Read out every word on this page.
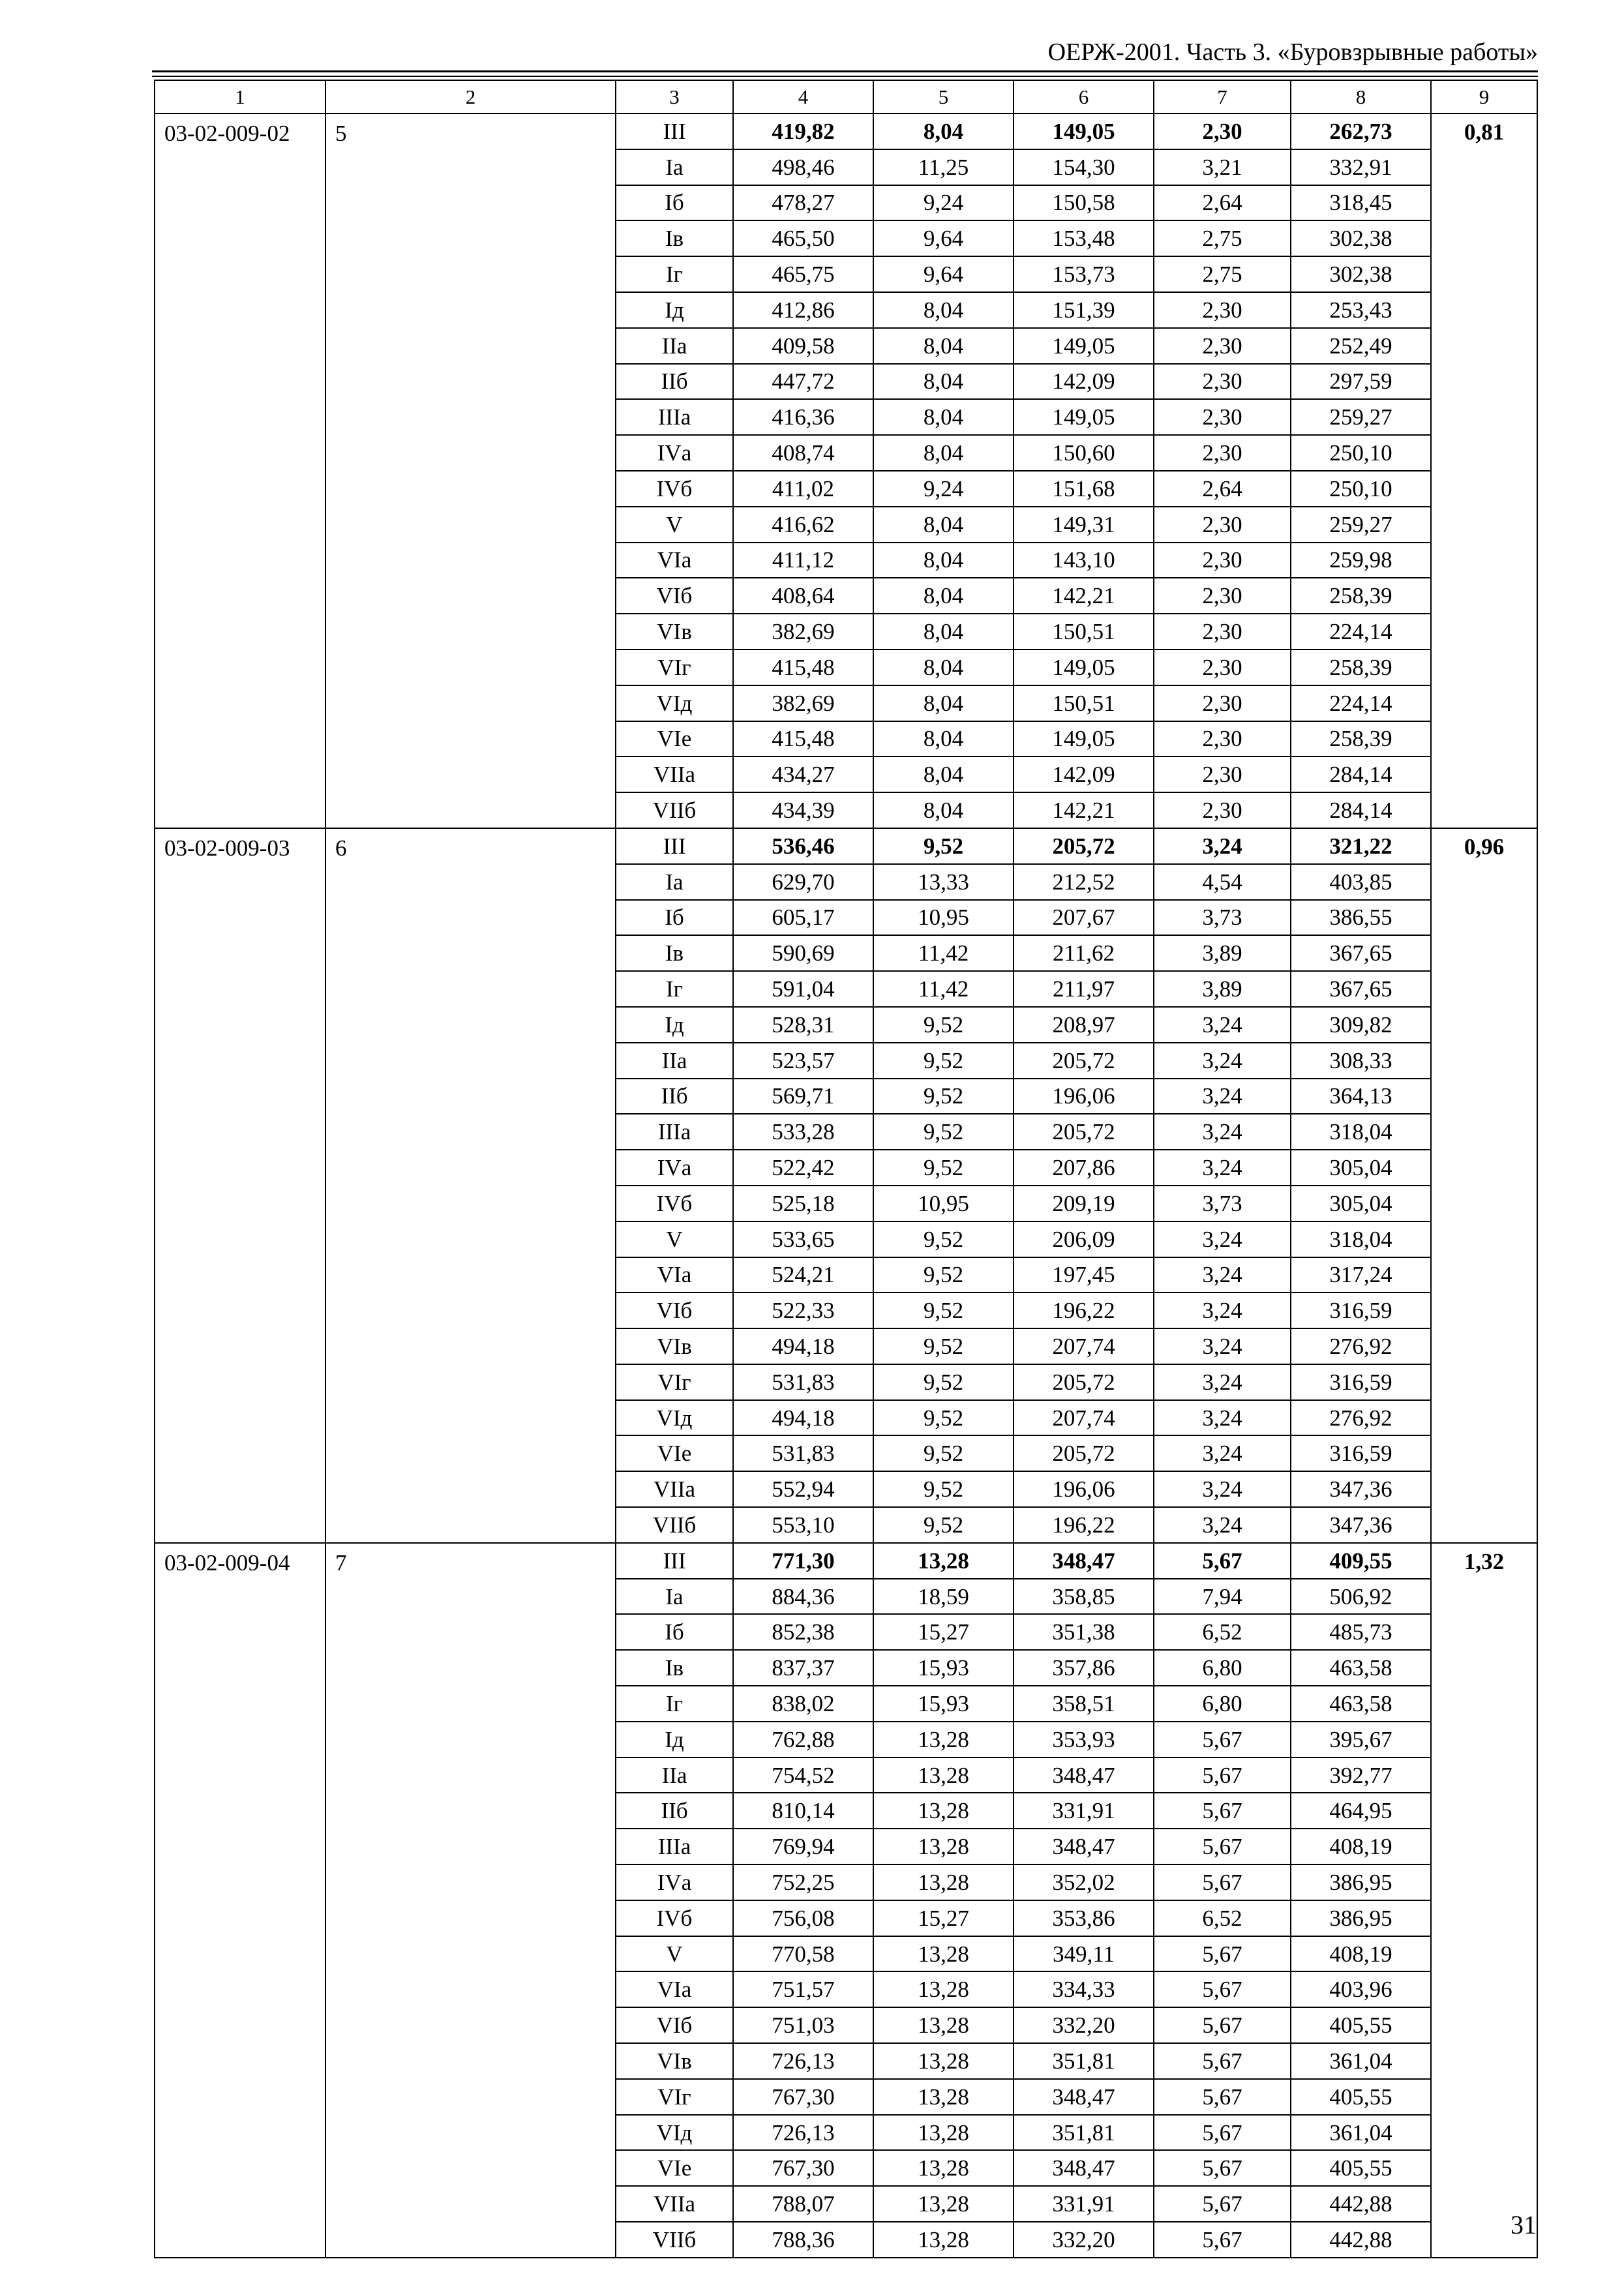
ОЕРЖ-2001. Часть 3. «Буровзрывные работы»
1	2	3	4	5	6	7	8	9
03-02-009-02	5	III	419,82	8,04	149,05	2,30	262,73	0,81
		Iа	498,46	11,25	154,30	3,21	332,91	
		Iб	478,27	9,24	150,58	2,64	318,45	
		Iв	465,50	9,64	153,48	2,75	302,38	
		Iг	465,75	9,64	153,73	2,75	302,38	
		Iд	412,86	8,04	151,39	2,30	253,43	
		IIа	409,58	8,04	149,05	2,30	252,49	
		IIб	447,72	8,04	142,09	2,30	297,59	
		IIIа	416,36	8,04	149,05	2,30	259,27	
		IVа	408,74	8,04	150,60	2,30	250,10	
		IVб	411,02	9,24	151,68	2,64	250,10	
		V	416,62	8,04	149,31	2,30	259,27	
		VIа	411,12	8,04	143,10	2,30	259,98	
		VIб	408,64	8,04	142,21	2,30	258,39	
		VIв	382,69	8,04	150,51	2,30	224,14	
		VIг	415,48	8,04	149,05	2,30	258,39	
		VIд	382,69	8,04	150,51	2,30	224,14	
		VIе	415,48	8,04	149,05	2,30	258,39	
		VIIа	434,27	8,04	142,09	2,30	284,14	
		VIIб	434,39	8,04	142,21	2,30	284,14	
03-02-009-03	6	III	536,46	9,52	205,72	3,24	321,22	0,96
		Iа	629,70	13,33	212,52	4,54	403,85	
		Iб	605,17	10,95	207,67	3,73	386,55	
		Iв	590,69	11,42	211,62	3,89	367,65	
		Iг	591,04	11,42	211,97	3,89	367,65	
		Iд	528,31	9,52	208,97	3,24	309,82	
		IIа	523,57	9,52	205,72	3,24	308,33	
		IIб	569,71	9,52	196,06	3,24	364,13	
		IIIа	533,28	9,52	205,72	3,24	318,04	
		IVа	522,42	9,52	207,86	3,24	305,04	
		IVб	525,18	10,95	209,19	3,73	305,04	
		V	533,65	9,52	206,09	3,24	318,04	
		VIа	524,21	9,52	197,45	3,24	317,24	
		VIб	522,33	9,52	196,22	3,24	316,59	
		VIв	494,18	9,52	207,74	3,24	276,92	
		VIг	531,83	9,52	205,72	3,24	316,59	
		VIд	494,18	9,52	207,74	3,24	276,92	
		VIе	531,83	9,52	205,72	3,24	316,59	
		VIIа	552,94	9,52	196,06	3,24	347,36	
		VIIб	553,10	9,52	196,22	3,24	347,36	
03-02-009-04	7	III	771,30	13,28	348,47	5,67	409,55	1,32
		Iа	884,36	18,59	358,85	7,94	506,92	
		Iб	852,38	15,27	351,38	6,52	485,73	
		Iв	837,37	15,93	357,86	6,80	463,58	
		Iг	838,02	15,93	358,51	6,80	463,58	
		Iд	762,88	13,28	353,93	5,67	395,67	
		IIа	754,52	13,28	348,47	5,67	392,77	
		IIб	810,14	13,28	331,91	5,67	464,95	
		IIIа	769,94	13,28	348,47	5,67	408,19	
		IVа	752,25	13,28	352,02	5,67	386,95	
		IVб	756,08	15,27	353,86	6,52	386,95	
		V	770,58	13,28	349,11	5,67	408,19	
		VIа	751,57	13,28	334,33	5,67	403,96	
		VIб	751,03	13,28	332,20	5,67	405,55	
		VIв	726,13	13,28	351,81	5,67	361,04	
		VIг	767,30	13,28	348,47	5,67	405,55	
		VIд	726,13	13,28	351,81	5,67	361,04	
		VIе	767,30	13,28	348,47	5,67	405,55	
		VIIа	788,07	13,28	331,91	5,67	442,88	
		VIIб	788,36	13,28	332,20	5,67	442,88	
31
